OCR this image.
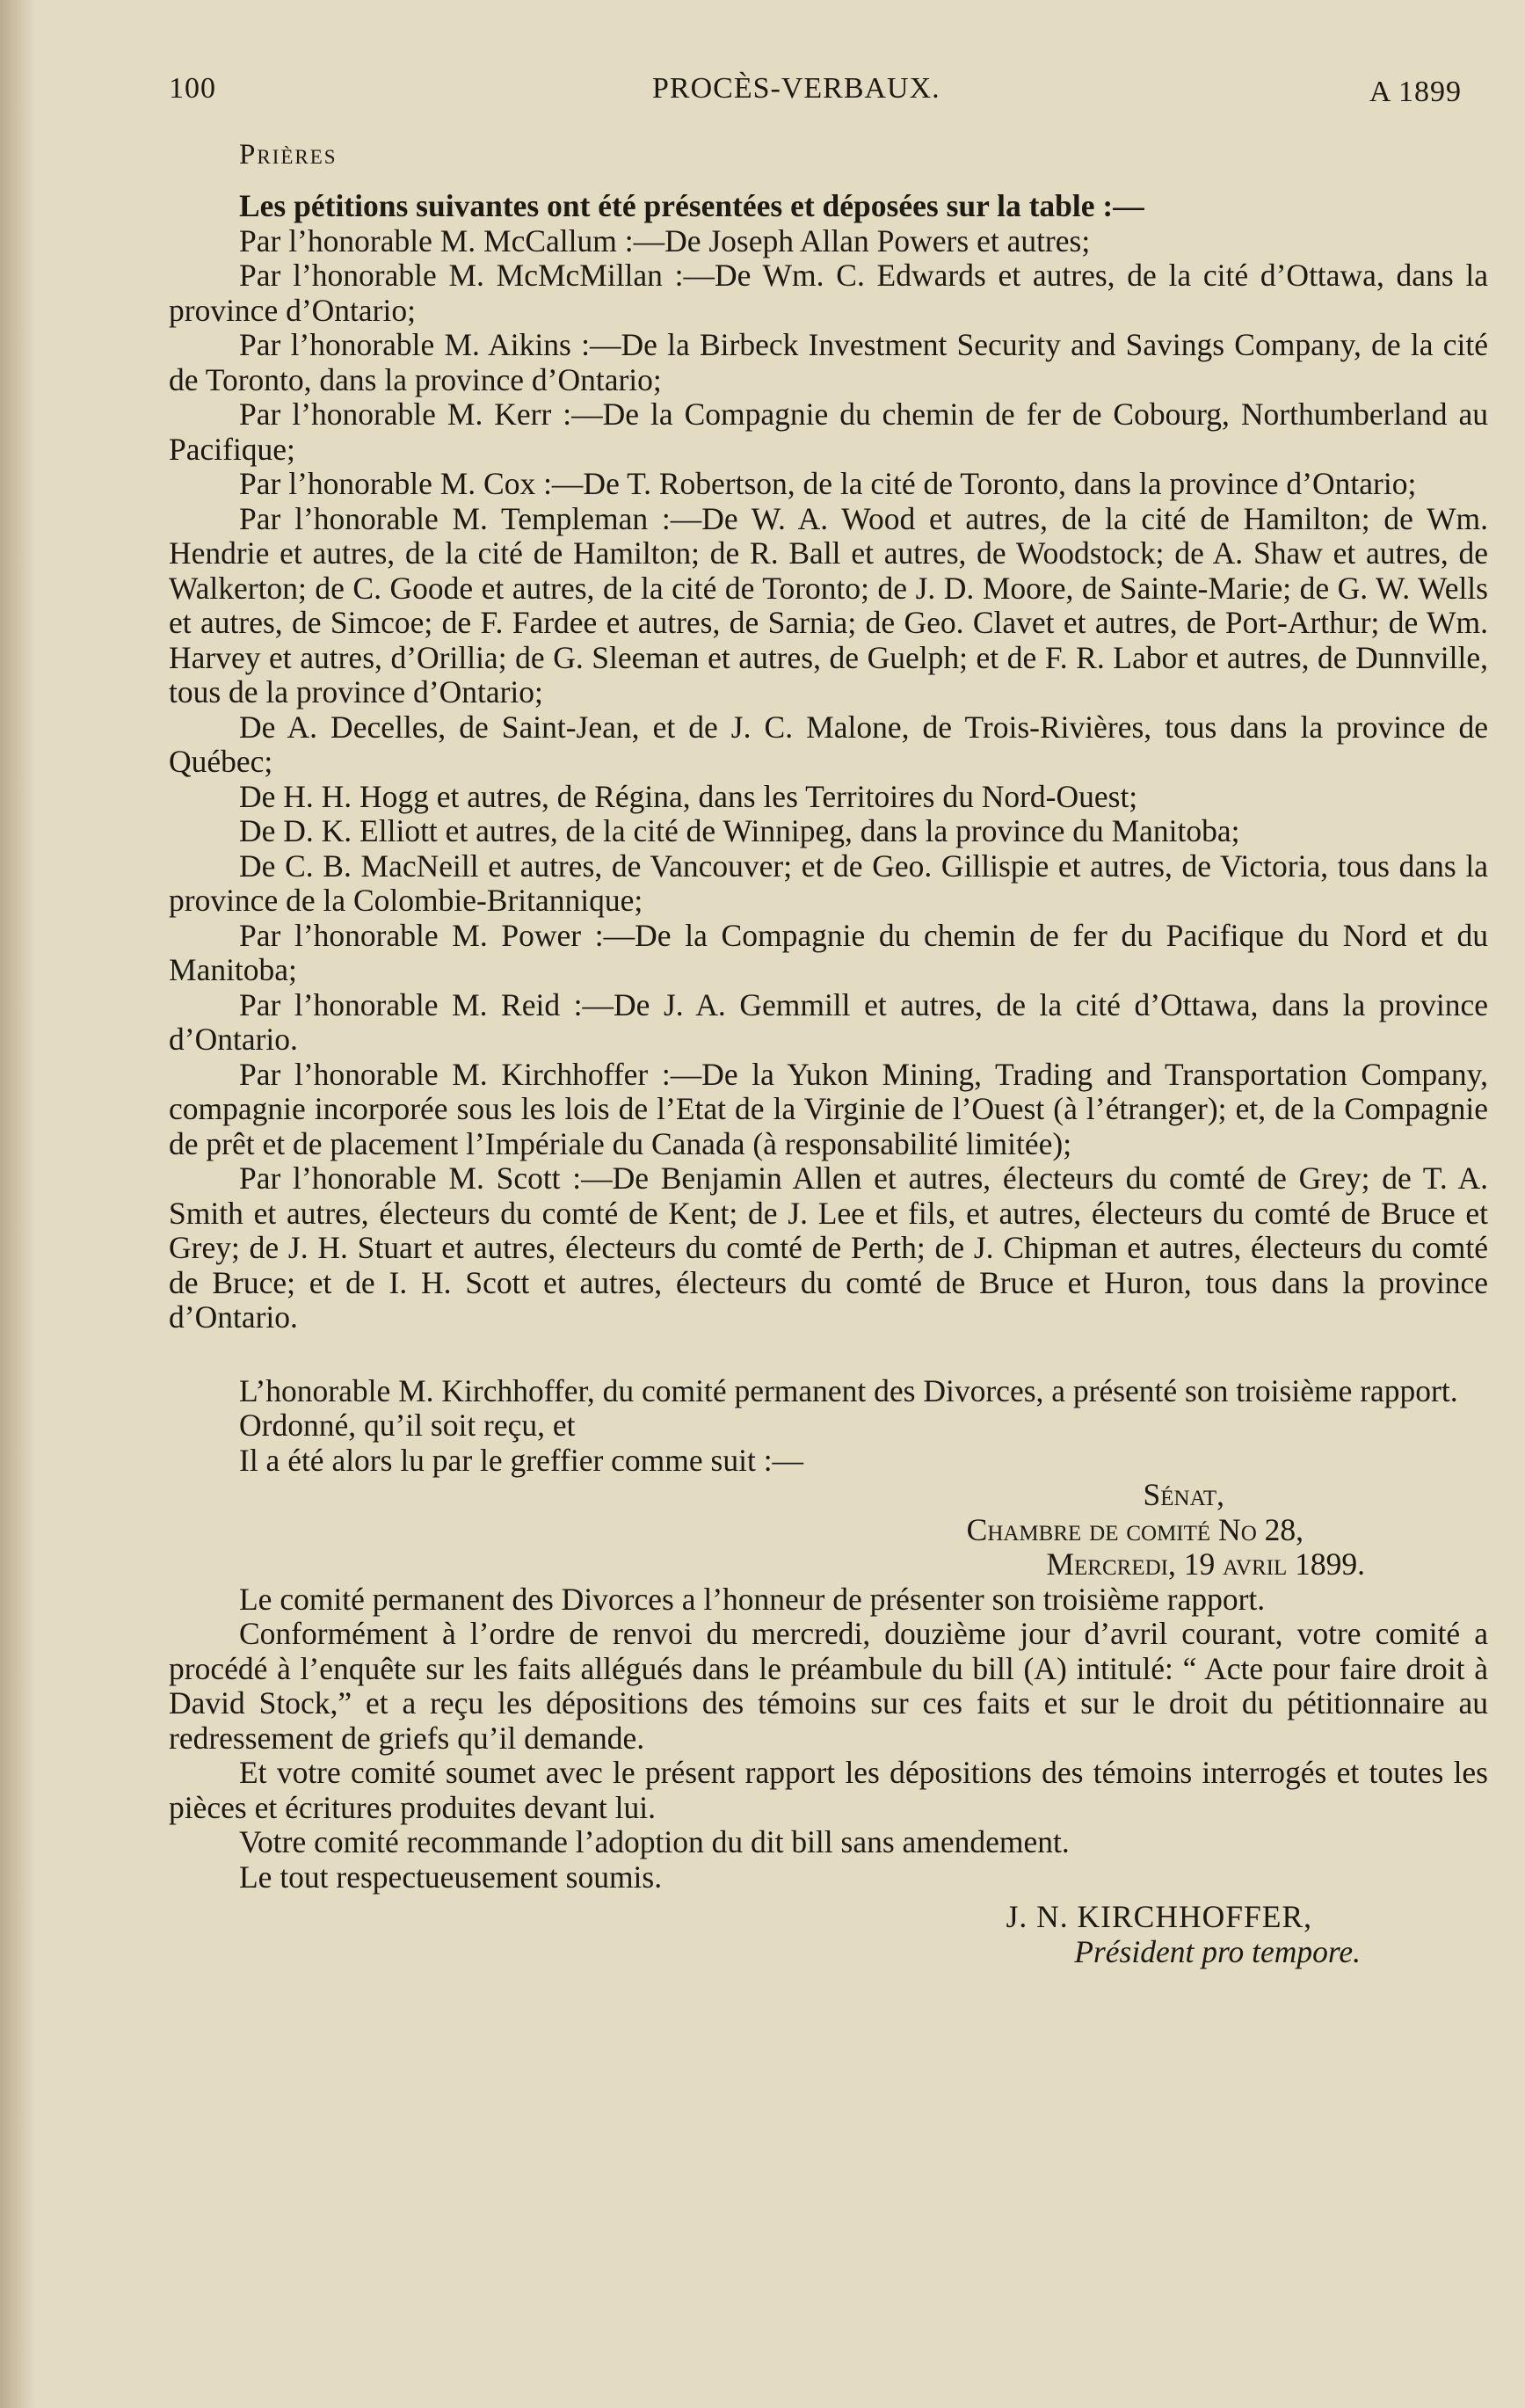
100	PROCÈS-VERBAUX.	A 1899
Prières

Les pétitions suivantes ont été présentées et déposées sur la table :—

Par l’honorable M. McCallum :—De Joseph Allan Powers et autres;

Par l’honorable M. McMcMillan :—De Wm. C. Edwards et autres, de la cité d’Ottawa, dans la province d’Ontario;

Par l’honorable M. Aikins :—De la Birbeck Investment Security and Savings Company, de la cité de Toronto, dans la province d’Ontario;

Par l’honorable M. Kerr :—De la Compagnie du chemin de fer de Cobourg, Northumberland au Pacifique;

Par l’honorable M. Cox :—De T. Robertson, de la cité de Toronto, dans la province d’Ontario;

Par l’honorable M. Templeman :—De W. A. Wood et autres, de la cité de Hamilton; de Wm. Hendrie et autres, de la cité de Hamilton; de R. Ball et autres, de Woodstock; de A. Shaw et autres, de Walkerton; de C. Goode et autres, de la cité de Toronto; de J. D. Moore, de Sainte-Marie; de G. W. Wells et autres, de Simcoe; de F. Fardee et autres, de Sarnia; de Geo. Clavet et autres, de Port-Arthur; de Wm. Harvey et autres, d’Orillia; de G. Sleeman et autres, de Guelph; et de F. R. Labor et autres, de Dunnville, tous de la province d’Ontario;

De A. Decelles, de Saint-Jean, et de J. C. Malone, de Trois-Rivières, tous dans la province de Québec;

De H. H. Hogg et autres, de Régina, dans les Territoires du Nord-Ouest;

De D. K. Elliott et autres, de la cité de Winnipeg, dans la province du Manitoba;

De C. B. MacNeill et autres, de Vancouver; et de Geo. Gillispie et autres, de Victoria, tous dans la province de la Colombie-Britannique;

Par l’honorable M. Power :—De la Compagnie du chemin de fer du Pacifique du Nord et du Manitoba;

Par l’honorable M. Reid :—De J. A. Gemmill et autres, de la cité d’Ottawa, dans la province d’Ontario.

Par l’honorable M. Kirchhoffer :—De la Yukon Mining, Trading and Transportation Company, compagnie incorporée sous les lois de l’Etat de la Virginie de l’Ouest (à l’étranger); et, de la Compagnie de prêt et de placement l’Impériale du Canada (à responsabilité limitée);

Par l’honorable M. Scott :—De Benjamin Allen et autres, électeurs du comté de Grey; de T. A. Smith et autres, électeurs du comté de Kent; de J. Lee et fils, et autres, électeurs du comté de Bruce et Grey; de J. H. Stuart et autres, électeurs du comté de Perth; de J. Chipman et autres, électeurs du comté de Bruce; et de I. H. Scott et autres, électeurs du comté de Bruce et Huron, tous dans la province d’Ontario.

L’honorable M. Kirchhoffer, du comité permanent des Divorces, a présenté son troisième rapport.

Ordonné, qu’il soit reçu, et

Il a été alors lu par le greffier comme suit :—

Sénat,
Chambre de comité No 28,
Mercredi, 19 avril 1899.

Le comité permanent des Divorces a l’honneur de présenter son troisième rapport.

Conformément à l’ordre de renvoi du mercredi, douzième jour d’avril courant, votre comité a procédé à l’enquête sur les faits allégués dans le préambule du bill (A) intitulé: “ Acte pour faire droit à David Stock,” et a reçu les dépositions des témoins sur ces faits et sur le droit du pétitionnaire au redressement de griefs qu’il demande.

Et votre comité soumet avec le présent rapport les dépositions des témoins interrogés et toutes les pièces et écritures produites devant lui.

Votre comité recommande l’adoption du dit bill sans amendement.

Le tout respectueusement soumis.

J. N. KIRCHHOFFER,
Président pro tempore.
